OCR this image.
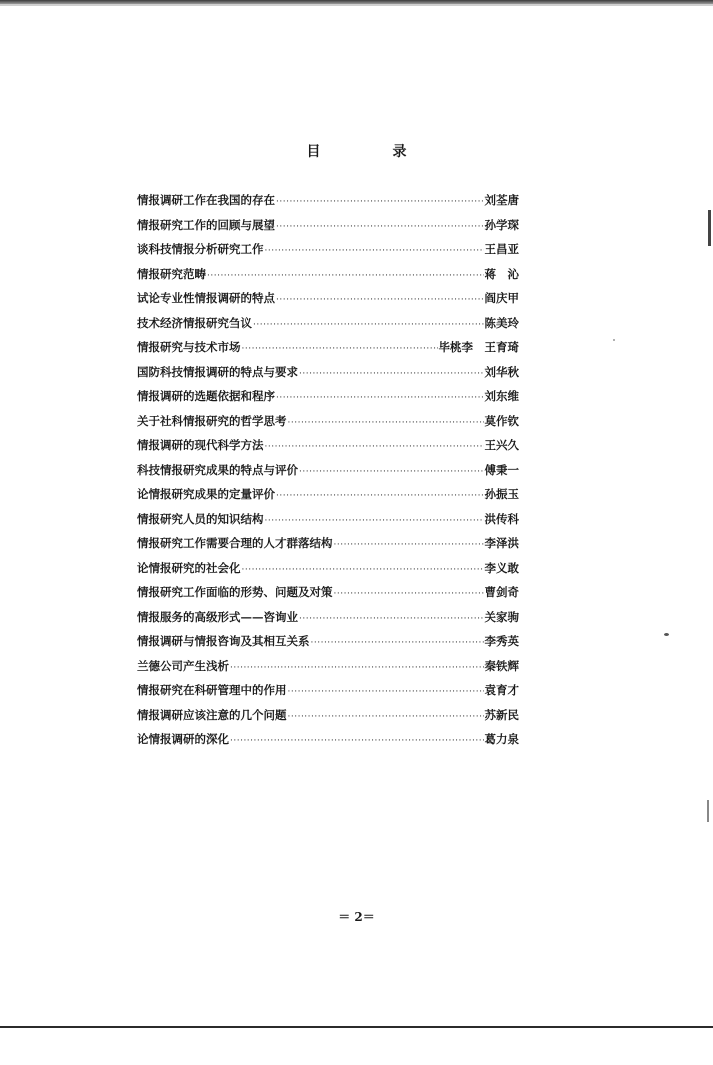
目	录
情报调研工作在我国的存在 ·····	刘荃唐
情报研究工作的回顾与展望 ·····	孙学琛
谈科技情报分析研究工作 ·····	王昌亚
情报研究范畴 ·····	蒋　沁
试论专业性情报调研的特点 ·····	阎庆甲
技术经济情报研究刍议 ·····	陈美玲
情报研究与技术市场 ·····	毕桃李　王育琦
国防科技情报调研的特点与要求 ·····	刘华秋
情报调研的选题依据和程序 ·····	刘东维
关于社科情报研究的哲学思考 ·····	莫作钦
情报调研的现代科学方法 ·····	王兴久
科技情报研究成果的特点与评价 ·····	傅秉一
论情报研究成果的定量评价 ·····	孙振玉
情报研究人员的知识结构 ·····	洪传科
情报研究工作需要合理的人才群落结构 ·····	李泽洪
论情报研究的社会化 ·····	李义敢
情报研究工作面临的形势、问题及对策 ·····	曹剑奇
情报服务的高级形式——咨询业 ·····	关家驹
情报调研与情报咨询及其相互关系 ·····	李秀英
兰德公司产生浅析 ·····	秦铁辉
情报研究在科研管理中的作用 ·····	袁育才
情报调研应该注意的几个问题 ·····	苏新民
论情报调研的深化 ·····	葛力泉
＝ 2＝
